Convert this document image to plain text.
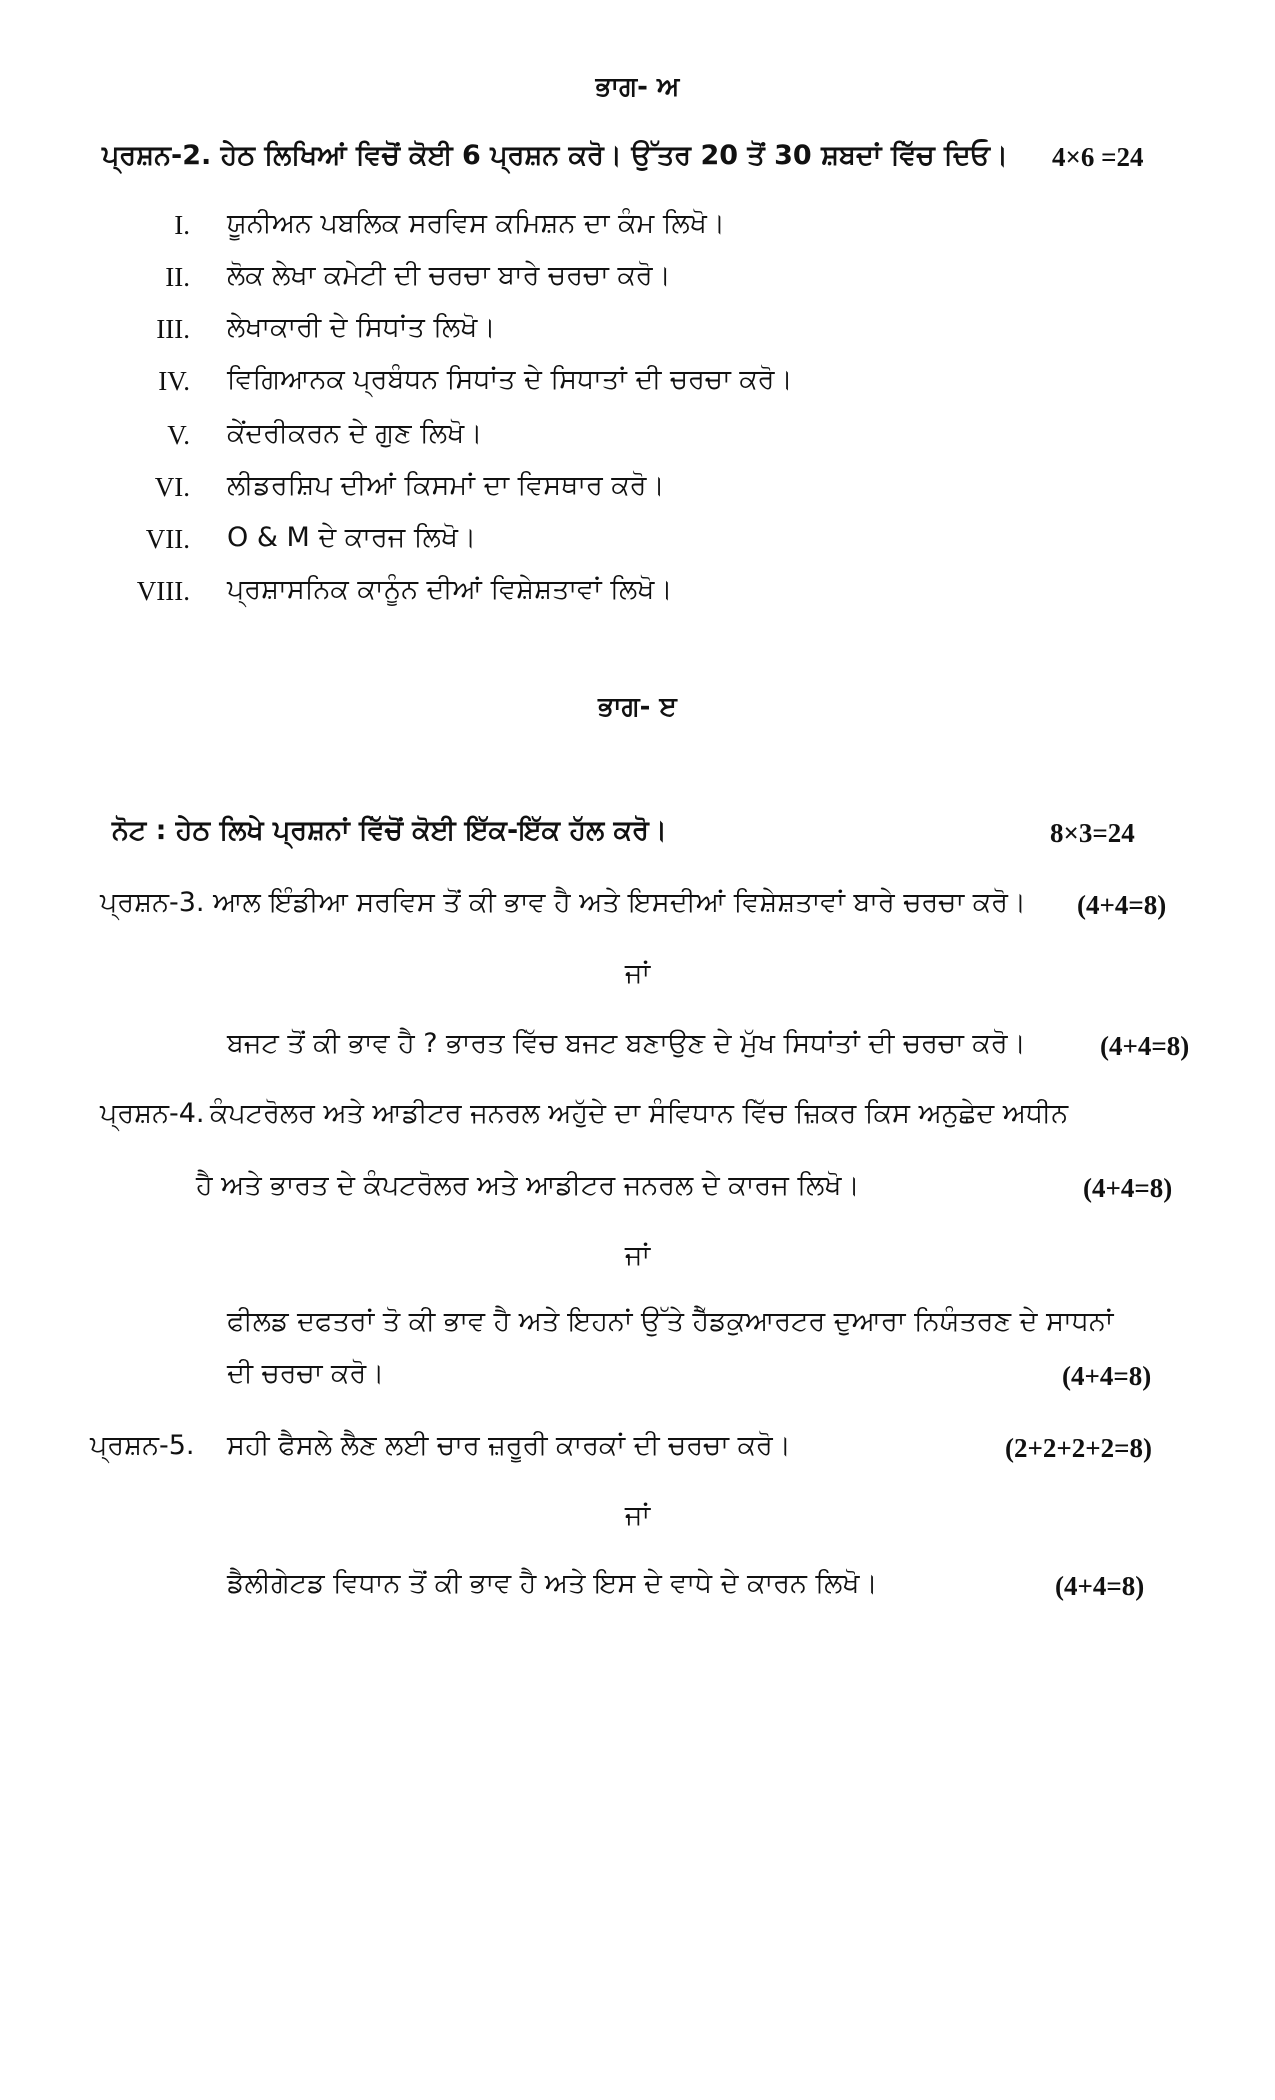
ਭਾਗ- ਅ
ਪ੍ਰਸ਼ਨ-2. ਹੇਠ ਲਿਖਿਆਂ ਵਿਚੋਂ ਕੋਈ 6 ਪ੍ਰਸ਼ਨ ਕਰੋ। ਉੱਤਰ 20 ਤੋਂ 30 ਸ਼ਬਦਾਂ ਵਿੱਚ ਦਿਓ। 4×6 =24
I. ਯੂਨੀਅਨ ਪਬਲਿਕ ਸਰਵਿਸ ਕਮਿਸ਼ਨ ਦਾ ਕੰਮ ਲਿਖੋ।
II. ਲੋਕ ਲੇਖਾ ਕਮੇਟੀ ਦੀ ਚਰਚਾ ਬਾਰੇ ਚਰਚਾ ਕਰੋ।
III. ਲੇਖਾਕਾਰੀ ਦੇ ਸਿਧਾਂਤ ਲਿਖੋ।
IV. ਵਿਗਿਆਨਕ ਪ੍ਰਬੰਧਨ ਸਿਧਾਂਤ ਦੇ ਸਿਧਾਤਾਂ ਦੀ ਚਰਚਾ ਕਰੋ।
V. ਕੇਂਦਰੀਕਰਨ ਦੇ ਗੁਣ ਲਿਖੋ।
VI. ਲੀਡਰਸ਼ਿਪ ਦੀਆਂ ਕਿਸਮਾਂ ਦਾ ਵਿਸਥਾਰ ਕਰੋ।
VII. O & M ਦੇ ਕਾਰਜ ਲਿਖੋ।
VIII. ਪ੍ਰਸ਼ਾਸਨਿਕ ਕਾਨੂੰਨ ਦੀਆਂ ਵਿਸ਼ੇਸ਼ਤਾਵਾਂ ਲਿਖੋ।
ਭਾਗ- ੲ
ਨੋਟ : ਹੇਠ ਲਿਖੇ ਪ੍ਰਸ਼ਨਾਂ ਵਿੱਚੋਂ ਕੋਈ ਇੱਕ-ਇੱਕ ਹੱਲ ਕਰੋ।	8×3=24
ਪ੍ਰਸ਼ਨ-3. ਆਲ ਇੰਡੀਆ ਸਰਵਿਸ ਤੋਂ ਕੀ ਭਾਵ ਹੈ ਅਤੇ ਇਸਦੀਆਂ ਵਿਸ਼ੇਸ਼ਤਾਵਾਂ ਬਾਰੇ ਚਰਚਾ ਕਰੋ। (4+4=8)
ਜਾਂ
ਬਜਟ ਤੋਂ ਕੀ ਭਾਵ ਹੈ ? ਭਾਰਤ ਵਿੱਚ ਬਜਟ ਬਣਾਉਣ ਦੇ ਮੁੱਖ ਸਿਧਾਂਤਾਂ ਦੀ ਚਰਚਾ ਕਰੋ।	(4+4=8)
ਪ੍ਰਸ਼ਨ-4. ਕੰਪਟਰੋਲਰ ਅਤੇ ਆਡੀਟਰ ਜਨਰਲ ਅਹੁੱਦੇ ਦਾ ਸੰਵਿਧਾਨ ਵਿੱਚ ਜ਼ਿਕਰ ਕਿਸ ਅਨੁਛੇਦ ਅਧੀਨ
ਹੈ ਅਤੇ ਭਾਰਤ ਦੇ ਕੰਪਟਰੋਲਰ ਅਤੇ ਆਡੀਟਰ ਜਨਰਲ ਦੇ ਕਾਰਜ ਲਿਖੋ।	(4+4=8)
ਜਾਂ
ਫੀਲਡ ਦਫਤਰਾਂ ਤੋ ਕੀ ਭਾਵ ਹੈ ਅਤੇ ਇਹਨਾਂ ਉੱਤੇ ਹੈੱਡਕੁਆਰਟਰ ਦੁਆਰਾ ਨਿਯੰਤਰਣ ਦੇ ਸਾਧਨਾਂ
ਦੀ ਚਰਚਾ ਕਰੋ।	(4+4=8)
ਪ੍ਰਸ਼ਨ-5. ਸਹੀ ਫੈਸਲੇ ਲੈਣ ਲਈ ਚਾਰ ਜ਼ਰੂਰੀ ਕਾਰਕਾਂ ਦੀ ਚਰਚਾ ਕਰੋ।	(2+2+2+2=8)
ਜਾਂ
ਡੈਲੀਗੇਟਡ ਵਿਧਾਨ ਤੋਂ ਕੀ ਭਾਵ ਹੈ ਅਤੇ ਇਸ ਦੇ ਵਾਧੇ ਦੇ ਕਾਰਨ ਲਿਖੋ।	(4+4=8)
